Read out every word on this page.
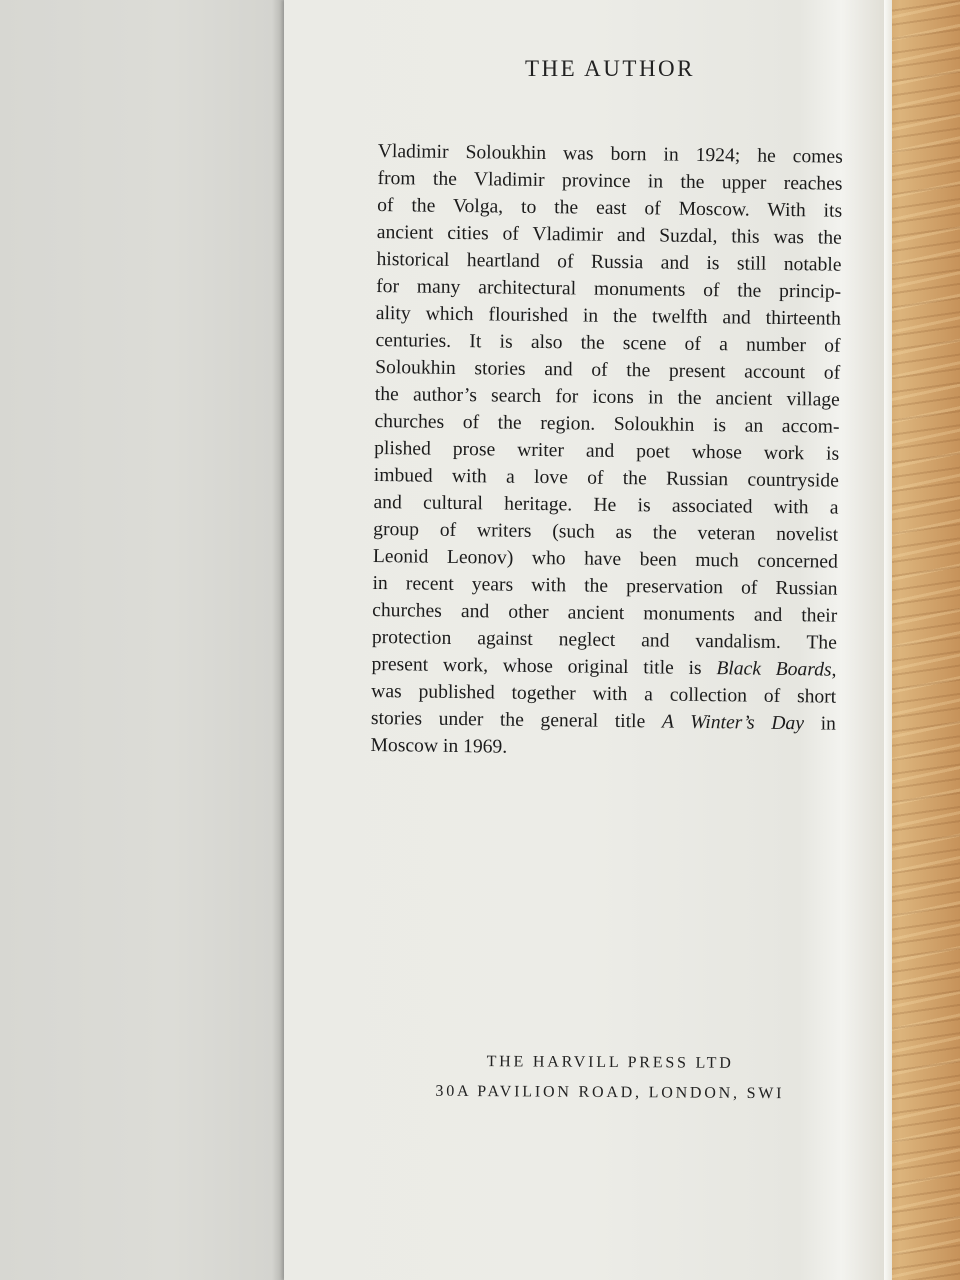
THE AUTHOR
Vladimir Soloukhin was born in 1924; he comes
from the Vladimir province in the upper reaches
of the Volga, to the east of Moscow. With its
ancient cities of Vladimir and Suzdal, this was the
historical heartland of Russia and is still notable
for many architectural monuments of the princip-
ality which flourished in the twelfth and thirteenth
centuries. It is also the scene of a number of
Soloukhin stories and of the present account of
the author’s search for icons in the ancient village
churches of the region. Soloukhin is an accom-
plished prose writer and poet whose work is
imbued with a love of the Russian countryside
and cultural heritage. He is associated with a
group of writers (such as the veteran novelist
Leonid Leonov) who have been much concerned
in recent years with the preservation of Russian
churches and other ancient monuments and their
protection against neglect and vandalism. The
present work, whose original title is Black Boards,
was published together with a collection of short
stories under the general title A Winter’s Day in
Moscow in 1969.
THE HARVILL PRESS LTD
30A PAVILION ROAD, LONDON, SWI
